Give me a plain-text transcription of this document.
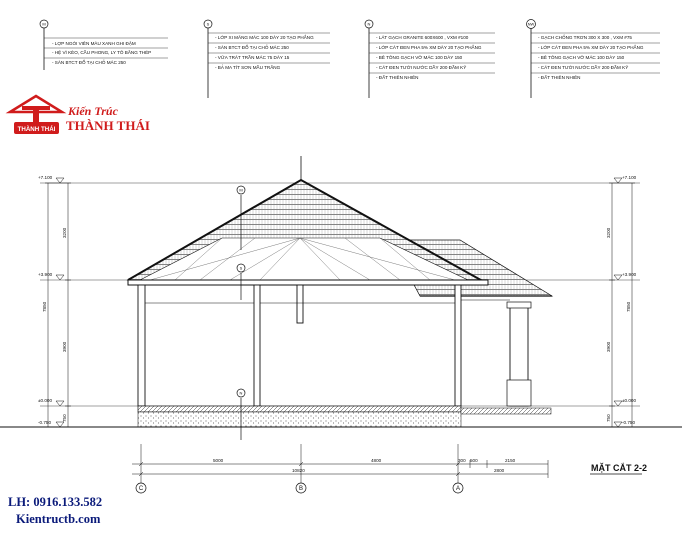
M
- LỢP NGÓI VIÊN MÀU XANH GHI ĐẬM
- HỆ VÌ KÈO, CẦU PHONG, LY TÔ BẰNG THÉP
- SÀN BTCT ĐỔ TẠI CHỖ MÁC 250
S
- LỚP XI MĂNG MÁC 100 DÀY 20 TẠO PHẲNG
- SÀN BTCT ĐỔ TẠI CHỖ MÁC 250
- VỮA TRÁT TRẦN MÁC 75 DÀY 15
- BẢ MA TÍT SƠN MẦU TRẮNG
N
- LÁT GẠCH GRANITE 600X600 , VXM #100
- LỚP CÁT ĐEN PHA 5% XM DÀY 20 TẠO PHẲNG
- BÊ TÔNG GẠCH VỠ MÁC 100 DÀY 150
- CÁT ĐEN TƯỚI NƯỚC DẦY 200 ĐẦM KỸ
- ĐẤT THIÊN NHIÊN
NW
- GẠCH CHỐNG TRƠN 300 X 300 , VXM #75
- LỚP CÁT ĐEN PHA 5% XM DÀY 20 TẠO PHẲNG
- BÊ TÔNG GẠCH VỠ MÁC 100 DÀY 150
- CÁT ĐEN TƯỚI NƯỚC DẦY 200 ĐẦM KỸ
- ĐẤT THIÊN NHIÊN
THÀNH THÁI
Kiến Trúc
THÀNH THÁI
+7.100
+3.900
±0.000
-0.750
+7.100
+3.900
±0.000
-0.750
3200
3900
750
7850
3200
3900
750
7850
M
S
N
5000	4800	300 500	2150
10820	2800
C	B	A
MẶT CẮT 2-2
LH: 0916.133.582
Kientructb.com
